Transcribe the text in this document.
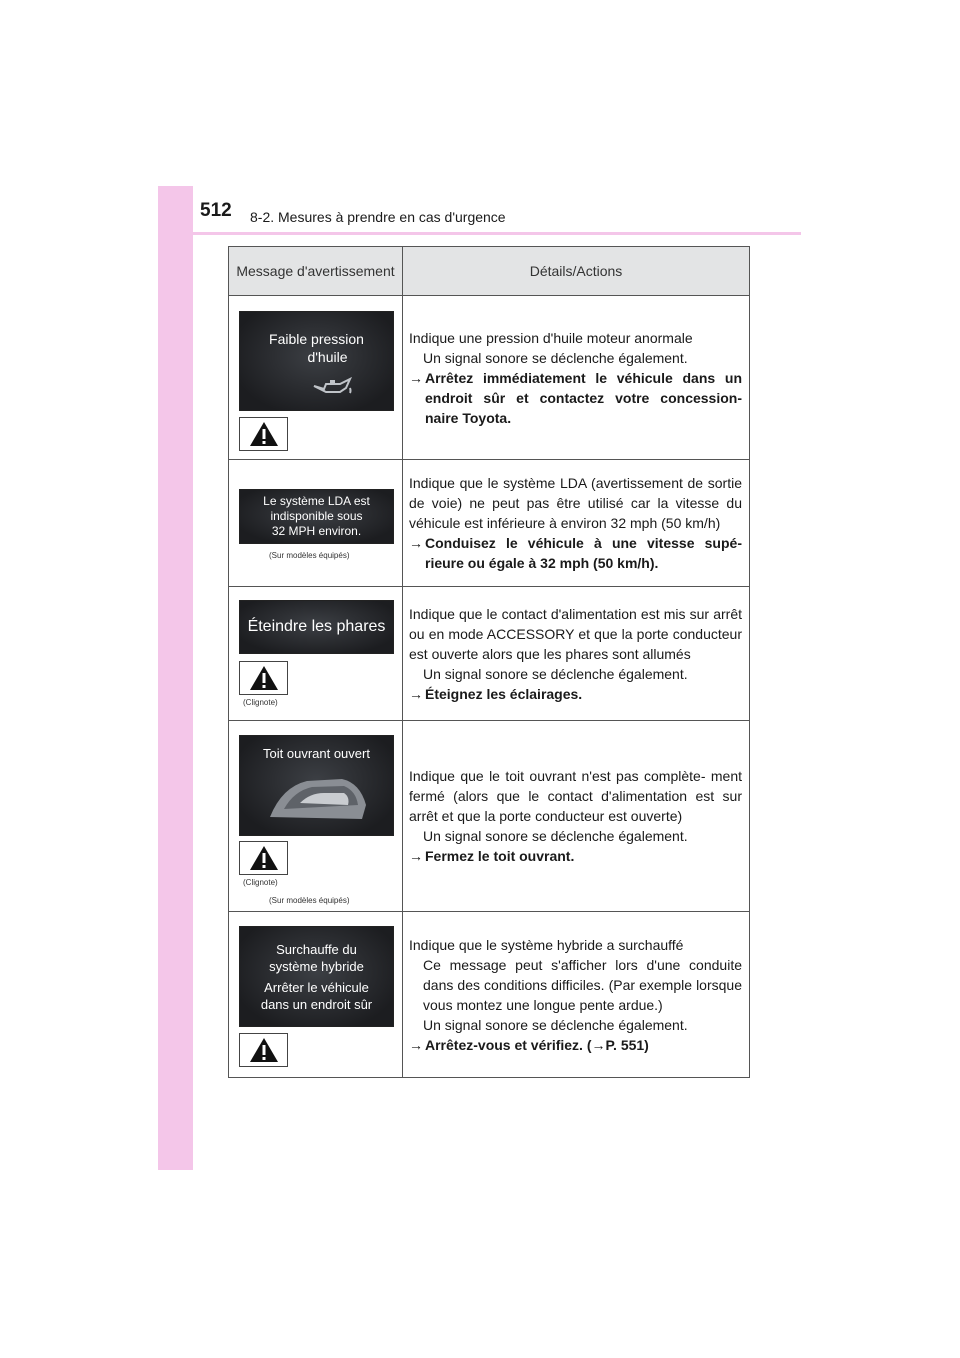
512 8-2. Mesures à prendre en cas d'urgence
Message d'avertissement	Détails/Actions
Faible pression
d'huile

Indique une pression d'huile moteur anormale

Un signal sonore se déclenche également.

→ Arrêtez immédiatement le véhicule dans un endroit sûr et contactez votre concession- naire Toyota.

Le système LDA est
indisponible sous
32 MPH environ.
(Sur modèles équipés)

Indique que le système LDA (avertissement de sortie de voie) ne peut pas être utilisé car la vitesse du véhicule est inférieure à environ 32 mph (50 km/h)

→ Conduisez le véhicule à une vitesse supé- rieure ou égale à 32 mph (50 km/h).

Éteindre les phares
(Clignote)

Indique que le contact d'alimentation est mis sur arrêt ou en mode ACCESSORY et que la porte conducteur est ouverte alors que les phares sont allumés

Un signal sonore se déclenche également.

→ Éteignez les éclairages.

Toit ouvrant ouvert
(Clignote)
(Sur modèles équipés)

Indique que le toit ouvrant n'est pas complète- ment fermé (alors que le contact d'alimentation est sur arrêt et que la porte conducteur est ouverte)

Un signal sonore se déclenche également.

→ Fermez le toit ouvrant.

Surchauffe du
système hybride
Arrêter le véhicule
dans un endroit sûr

Indique que le système hybride a surchauffé

Ce message peut s'afficher lors d'une conduite dans des conditions difficiles. (Par exemple lorsque vous montez une longue pente ardue.)

Un signal sonore se déclenche également.

→ Arrêtez-vous et vérifiez. (→P. 551)
